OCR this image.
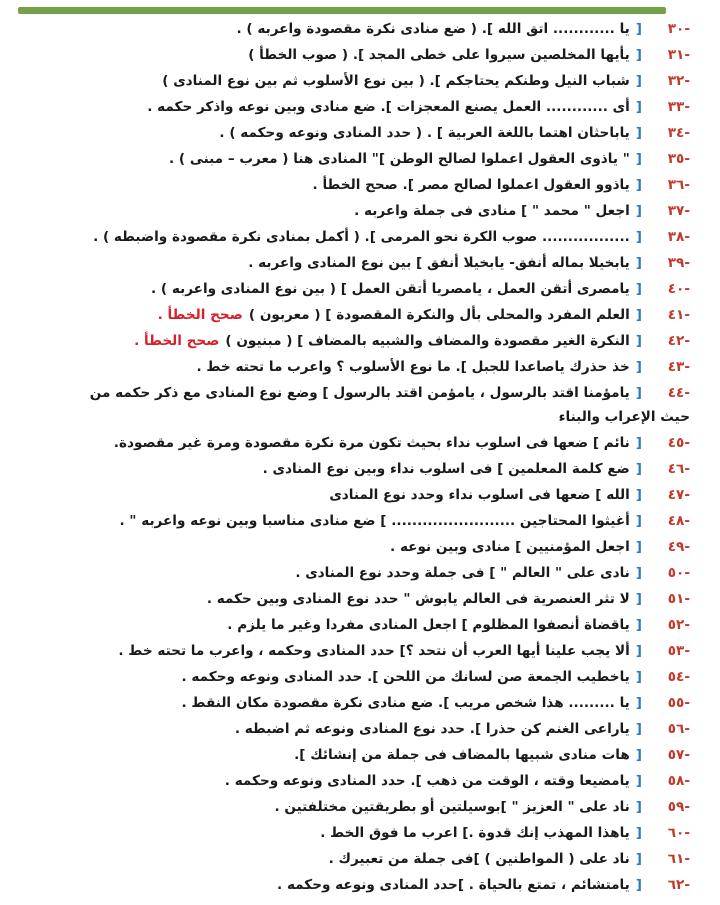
-٣٠
[
يا ............ اتق الله ]. ( ضع منادى نكرة مقصودة واعربه ) .
-٣١
[
يأيها المخلصين سيروا على خطى المجد ]. ( صوب الخطأ )
-٣٢
[
شباب النيل وطنكم يحتاجكم ]. ( بين نوع الأسلوب ثم بين نوع المنادى )
-٣٣
[
أى ............ العمل يصنع المعجزات ]. ضع منادى وبين نوعه واذكر حكمه .
-٣٤
[
ياباحثان اهتما باللغة العربية ] . ( حدد المنادى ونوعه وحكمه ) .
-٣٥
[
" ياذوى العقول اعملوا لصالح الوطن ]" المنادى هنا ( معرب – مبنى ) .
-٣٦
[
ياذوو العقول اعملوا لصالح مصر ]. صحح الخطأ .
-٣٧
[
اجعل " محمد " ] منادى فى جملة واعربه .
-٣٨
[
................. صوب الكرة نحو المرمى ]. ( أكمل بمنادى نكرة مقصودة واضبطه ) .
-٣٩
[
يابخيلا بماله أنفق- يابخيلا أنفق ] بين نوع المنادى واعربه .
-٤٠
[
يامصرى أتقن العمل ، يامصريا أتقن العمل ] ( بين نوع المنادى واعربه ) .
-٤١
[
العلم المفرد والمحلى بأل والنكرة المقصودة ] ( معربون )
صحح الخطأ .
-٤٢
[
النكرة الغير مقصودة والمضاف والشبيه بالمضاف ] ( مبنيون )
صحح الخطأ .
-٤٣
[
خذ حذرك ياصاعدا للجبل ]. ما نوع الأسلوب ؟ واعرب ما تحته خط .
-٤٤
[
يامؤمنا اقتد بالرسول ، يامؤمن اقتد بالرسول ] وضع نوع المنادى مع ذكر حكمه من
حيث الإعراب والبناء
-٤٥
[
نائم ] ضعها فى اسلوب نداء بحيث تكون مرة نكرة مقصودة ومرة غير مقصودة.
-٤٦
[
ضع كلمة المعلمين ] فى اسلوب نداء وبين نوع المنادى .
-٤٧
[
الله ] ضعها فى اسلوب نداء وحدد نوع المنادى
-٤٨
[
أغيثوا المحتاجين ........................ ] ضع منادى مناسبا وبين نوعه واعربه " .
-٤٩
[
اجعل المؤمنيين ] منادى وبين نوعه .
-٥٠
[
نادى على " العالم " ] فى جملة وحدد نوع المنادى .
-٥١
[
لا تثر العنصرية فى العالم يابوش " حدد نوع المنادى وبين حكمه .
-٥٢
[
ياقضاة أنصفوا المظلوم ] اجعل المنادى مفردا وغير ما يلزم .
-٥٣
[
ألا يجب علينا أيها العرب أن نتحد ؟] حدد المنادى وحكمه ، واعرب ما تحته خط .
-٥٤
[
ياخطيب الجمعة صن لسانك من اللحن ]. حدد المنادى ونوعه وحكمه .
-٥٥
[
يا ......... هذا شخص مريب ]. ضع منادى نكرة مقصودة مكان النقط .
-٥٦
[
ياراعى الغنم كن حذرا ]. حدد نوع المنادى ونوعه ثم اضبطه .
-٥٧
[
هات منادى شبيها بالمضاف فى جملة من إنشائك ].
-٥٨
[
يامضيعا وقته ، الوقت من ذهب ]. حدد المنادى ونوعه وحكمه .
-٥٩
[
ناد على " العزيز " ]بوسيلتين أو بطريقتين مختلفتين .
-٦٠
[
ياهذا المهذب إنك قدوة .] اعرب ما فوق الخط .
-٦١
[
ناد على ( المواطنين ) ]فى جملة من تعبيرك .
-٦٢
[
يامتشائم ، تمتع بالحياة . ]حدد المنادى ونوعه وحكمه .
